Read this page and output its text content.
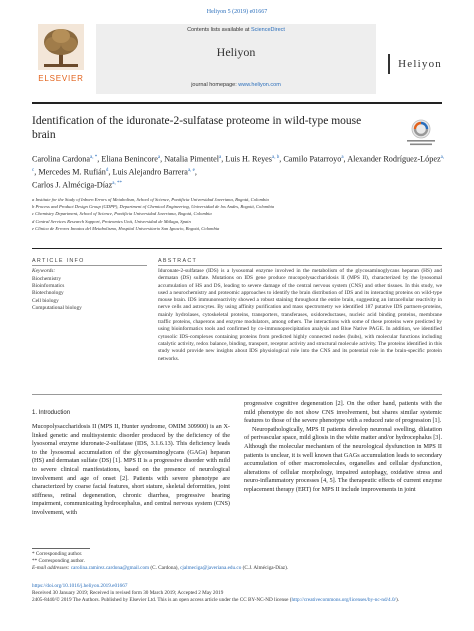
Heliyon 5 (2019) e01667
ELSEVIER
Contents lists available at ScienceDirect
Heliyon
journal homepage: www.heliyon.com
Heliyon
Identification of the iduronate-2-sulfatase proteome in wild-type mouse brain
Carolina Cardona$^{a, *}$, Eliana Benincore$^a$, Natalia Pimentel$^a$, Luis H. Reyes$^{a, b}$, Camilo Patarroyo$^a$, Alexander Rodríguez-López$^{a, c}$, Mercedes M. Rufián$^d$, Luis Alejandro Barrera$^{a, e}$,
Carlos J. Alméciga-Díaz$^{a, **}$
a Institute for the Study of Inborn Errors of Metabolism, School of Science, Pontificia Universidad Javeriana, Bogotá, Colombia
b Process and Product Design Group (GDPP), Department of Chemical Engineering, Universidad de los Andes, Bogotá, Colombia
c Chemistry Department, School of Science, Pontificia Universidad Javeriana, Bogotá, Colombia
d Central Services Research Support, Proteomics Unit, Universidad de Málaga, Spain
e Clínica de Errores Innatos del Metabolismo, Hospital Universitario San Ignacio, Bogotá, Colombia
ARTICLE INFO	ABSTRACT
Keywords:
Biochemistry
Bioinformatics
Biotechnology
Cell biology
Computational biology
Iduronate-2-sulfatase (IDS) is a lysosomal enzyme involved in the metabolism of the glycosaminoglycans heparan (HS) and dermatan (DS) sulfate. Mutations on IDS gene produce mucopolysaccharidosis II (MPS II), characterized by the lysosomal accumulation of HS and DS, leading to severe damage of the central nervous system (CNS) and other tissues. In this study, we used a neurochemistry and proteomic approaches to identify the brain distribution of IDS and its interacting proteins on wild-type mouse brain. IDS immunoreactivity showed a robust staining throughout the entire brain, suggesting an intracellular reactivity in nerve cells and astrocytes. By using affinity purification and mass spectrometry we identified 187 putative IDS partners-proteins, mainly hydrolases, cytoskeletal proteins, transporters, transferases, oxidoreductases, nucleic acid binding proteins, membrane traffic proteins, chaperons and enzyme modulators, among others. The interactions with some of these proteins were predicted by using bioinformatics tools and confirmed by co-immunoprecipitation analysis and Blue Native PAGE. In addition, we identified cytosolic IDS-complexes containing proteins from predicted highly connected nodes (hubs), with molecular functions including catalytic activity, redox balance, binding, transport, receptor activity and structural molecule activity. The proteins identified in this study would provide new insights about IDS physiological role into the CNS and its potential role in the brain-specific protein networks.
1. Introduction
Mucopolysaccharidosis II (MPS II, Hunter syndrome, OMIM 309900) is an X-linked genetic and multisystemic disorder produced by the deficiency of the lysosomal enzyme iduronate-2-sulfatase (IDS, 3.1.6.13). This deficiency leads to the lysosomal accumulation of the glycosaminoglycans (GAGs) heparan (HS) and dermatan sulfate (DS) [1]. MPS II is a progressive disorder with mild to severe clinical manifestations, based on the presence of neurological involvement and age of onset [2]. Patients with severe phenotype are characterized by coarse facial features, short stature, skeletal deformities, joint stiffness, retinal degeneration, chronic diarrhea, progressive hearing impairment, communicating hydrocephalus, and central nervous system (CNS) involvement, with

progressive cognitive degeneration [2]. On the other hand, patients with the mild phenotype do not show CNS involvement, but shares similar systemic features to those of the severe phenotype with a reduced rate of progression [1].

Neuropathologically, MPS II patients develop neuronal swelling, dilatation of perivascular space, mild gliosis in the white matter and/or hydrocephalus [3]. Although the molecular mechanism of the neurological dysfunction in MPS II patients is unclear, it is well known that GAGs accumulation leads to secondary accumulation of other macromolecules, organelles and cellular dysfunction, alterations of cellular morphology, impaired autophagy, oxidative stress and neuro-inflammatory processes [4, 5]. The therapeutic effects of current enzyme replacement therapy (ERT) for MPS II include improvements in joint

* Corresponding author.
** Corresponding author.
E-mail addresses: carolina.ramirez.cardona@gmail.com (C. Cardona), cjalmeciga@javeriana.edu.co (C.J. Alméciga-Díaz).
https://doi.org/10.1016/j.heliyon.2019.e01667
Received 30 January 2019; Received in revised form 30 March 2019; Accepted 2 May 2019
2405-8440/© 2019 The Authors. Published by Elsevier Ltd. This is an open access article under the CC BY-NC-ND license (http://creativecommons.org/licenses/by-nc-nd/4.0/).
